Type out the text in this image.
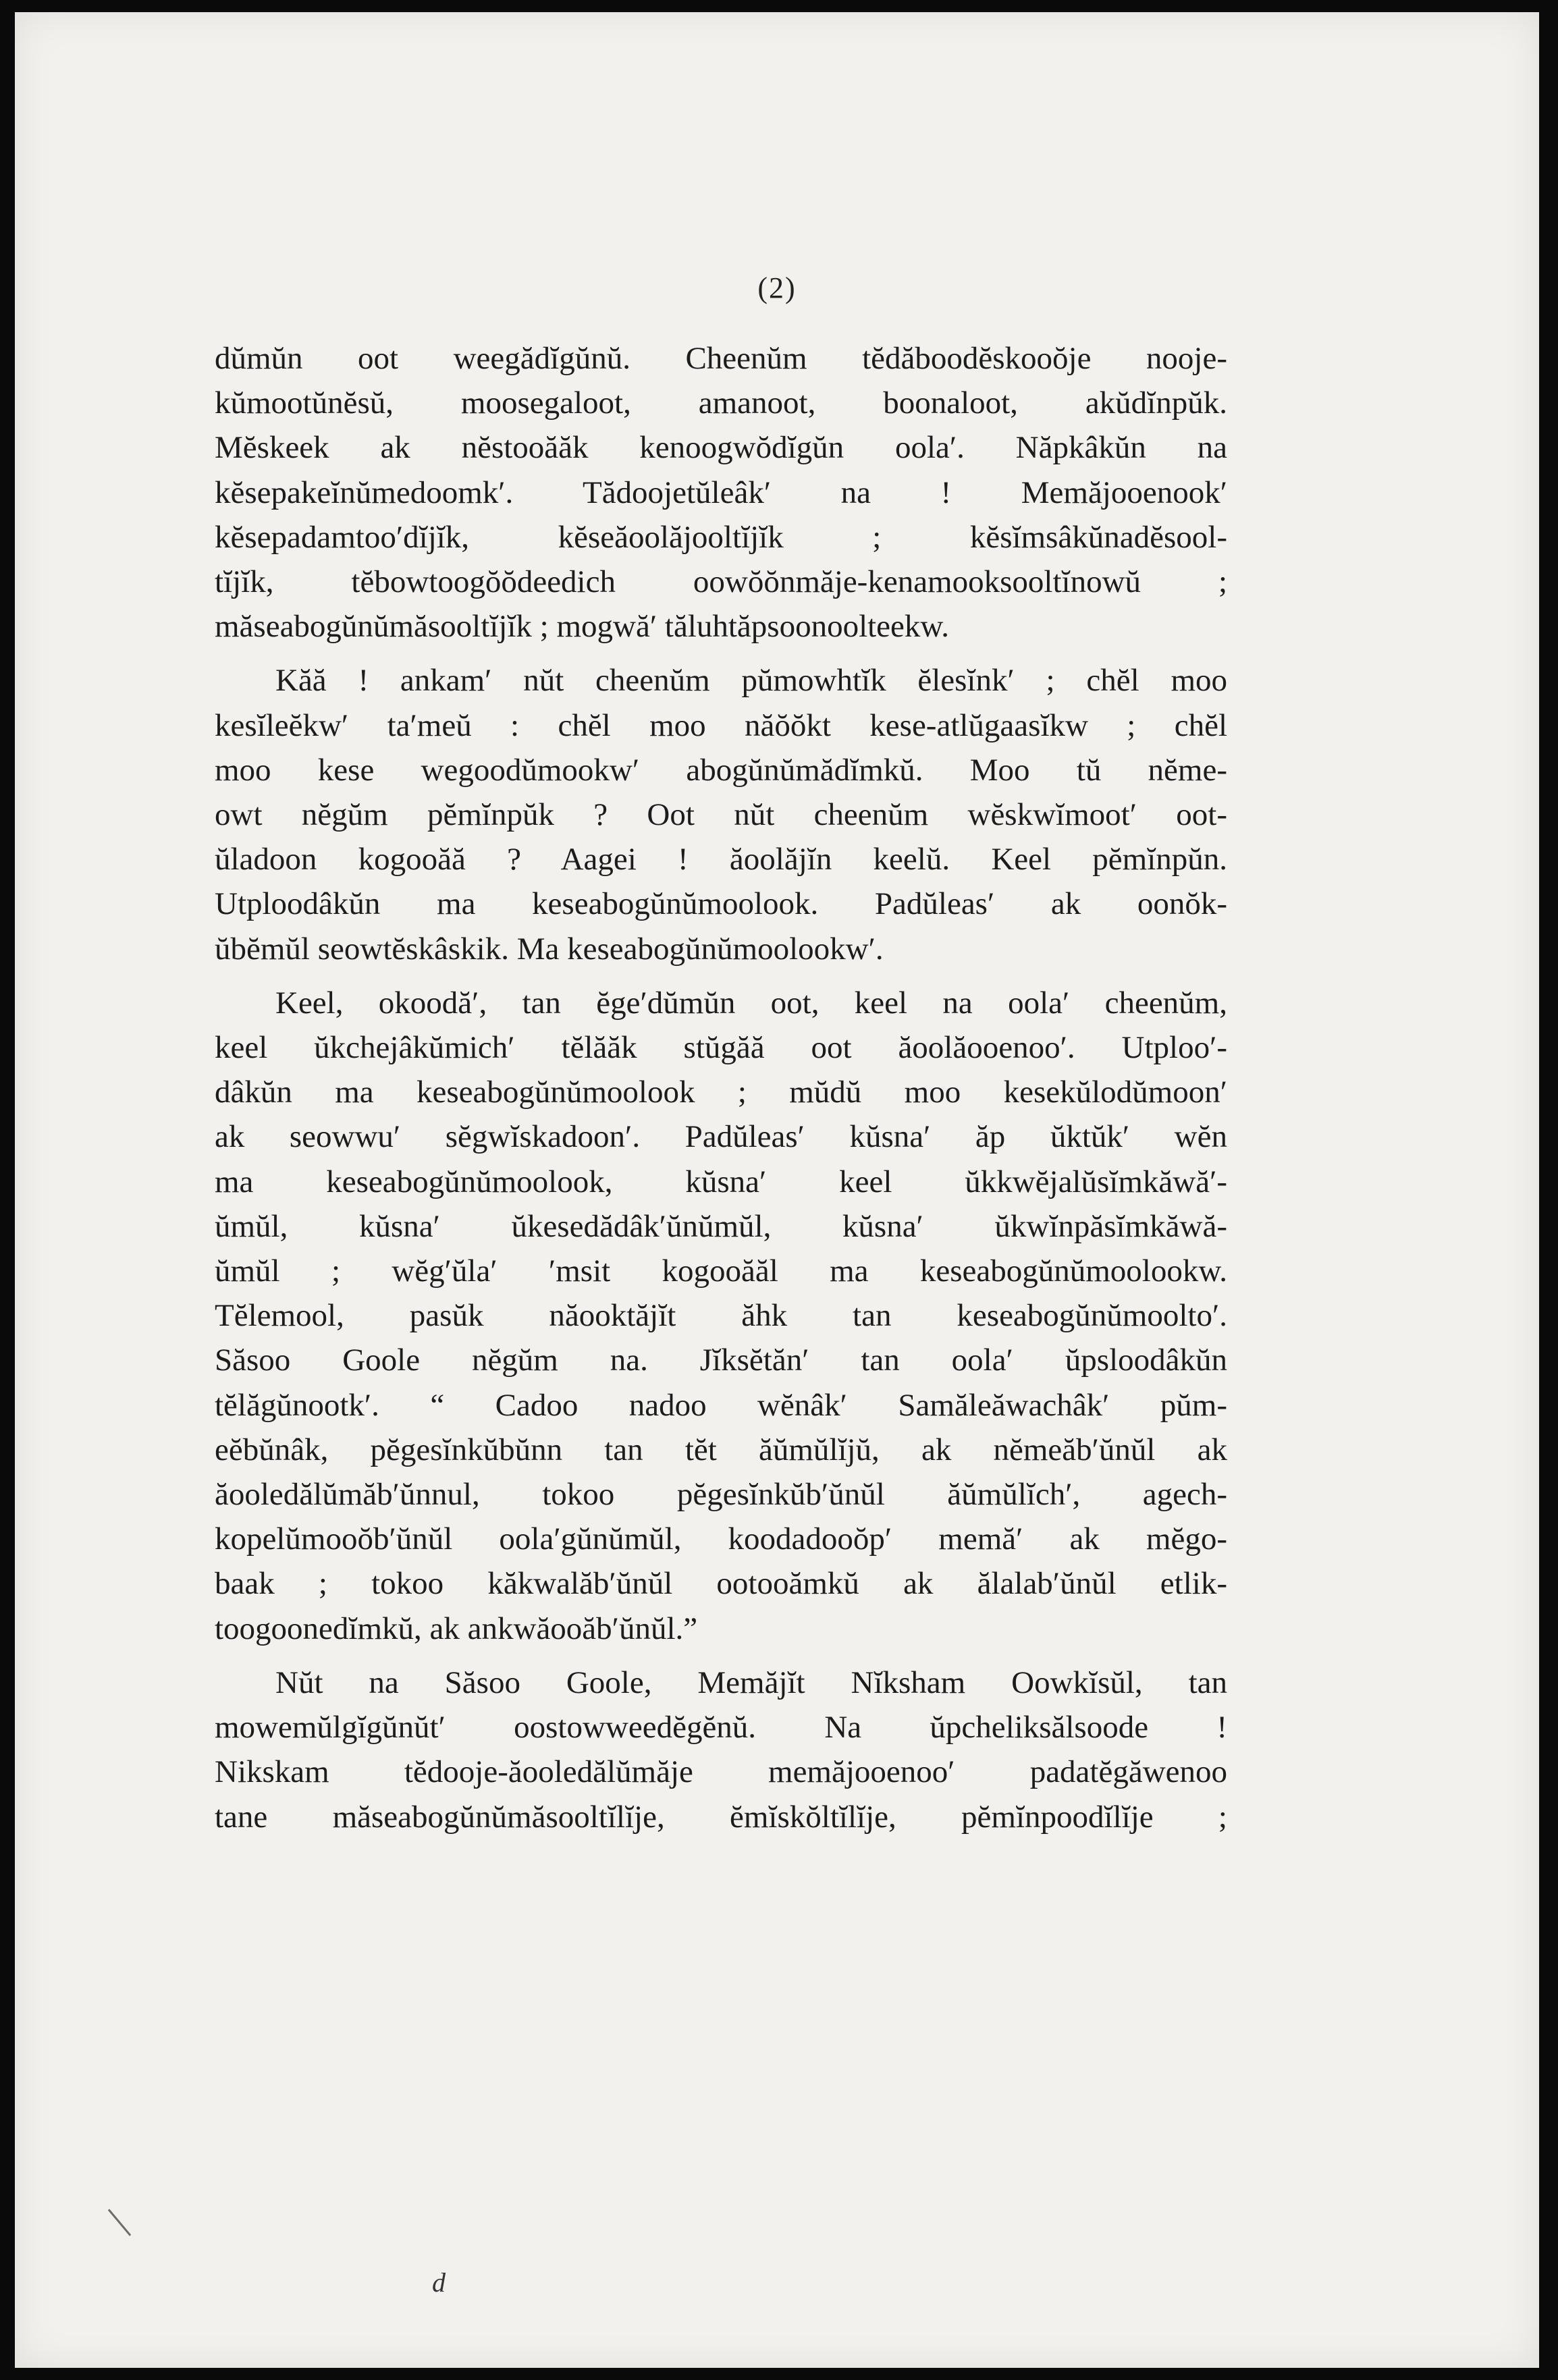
(2)

dŭmŭn oot weegădĭgŭnŭ. Cheenŭm tĕdăboodĕskooŏje nooje-
kŭmootŭnĕsŭ, moosegaloot, amanoot, boonaloot, akŭdĭnpŭk.
Mĕskeek ak nĕstooăăk kenoogwŏdĭgŭn oola′. Năpkâkŭn na
kĕsepakeĭnŭmedoomk′. Tădoojetŭleâk′ na ! Memăjooenook′
kĕsepadamtoo′dĭjĭk, kĕseăoolăjooltĭjĭk ; kĕsĭmsâkŭnadĕsool-
tĭjĭk, tĕbowtoogŏŏdeedich oowŏŏnmăje-kenamooksooltĭnowŭ ;
măseabogŭnŭmăsooltĭjĭk ; mogwă′ tăluhtăpsoonoolteekw.

Kăă ! ankam′ nŭt cheenŭm pŭmowhtĭk ĕlesĭnk′ ; chĕl moo
kesĭleĕkw′ ta′meŭ : chĕl moo năŏŏkt kese-atlŭgaasĭkw ; chĕl
moo kese wegoodŭmookw′ abogŭnŭmădĭmkŭ. Moo tŭ nĕme-
owt nĕgŭm pĕmĭnpŭk ? Oot nŭt cheenŭm wĕskwĭmoot′ oot-
ŭladoon kogooăă ? Aagei ! ăoolăjĭn keelŭ. Keel pĕmĭnpŭn.
Utploodâkŭn ma keseabogŭnŭmoolook. Padŭleas′ ak oonŏk-
ŭbĕmŭl seowtĕskâskik. Ma keseabogŭnŭmoolookw′.

Keel, okoodă′, tan ĕge′dŭmŭn oot, keel na oola′ cheenŭm,
keel ŭkchejâkŭmich′ tĕlăăk stŭgăă oot ăoolăooenoo′. Utploo′-
dâkŭn ma keseabogŭnŭmoolook ; mŭdŭ moo kesekŭlodŭmoon′
ak seowwu′ sĕgwĭskadoon′. Padŭleas′ kŭsna′ ăp ŭktŭk′ wĕn
ma keseabogŭnŭmoolook, kŭsna′ keel ŭkkwĕjalŭsĭmkăwă′-
ŭmŭl, kŭsna′ ŭkesedădâk′ŭnŭmŭl, kŭsna′ ŭkwĭnpăsĭmkăwă-
ŭmŭl ; wĕg′ŭla′ ′msit kogooăăl ma keseabogŭnŭmoolookw.
Tĕlemool, pasŭk năooktăjĭt ăhk tan keseabogŭnŭmoolto′.
Săsoo Goole nĕgŭm na. Jĭksĕtăn′ tan oola′ ŭpsloodâkŭn
tĕlăgŭnootk′. “ Cadoo nadoo wĕnâk′ Samăleăwachâk′ pŭm-
eĕbŭnâk, pĕgesĭnkŭbŭnn tan tĕt ăŭmŭlĭjŭ, ak nĕmeăb′ŭnŭl ak
ăooledălŭmăb′ŭnnul, tokoo pĕgesĭnkŭb′ŭnŭl ăŭmŭlĭch′, agech-
kopelŭmooŏb′ŭnŭl oola′gŭnŭmŭl, koodadooŏp′ memă′ ak mĕgo-
baak ; tokoo kăkwalăb′ŭnŭl ootooămkŭ ak ălalab′ŭnŭl etlik-
toogoonedĭmkŭ, ak ankwăooăb′ŭnŭl.”

Nŭt na Săsoo Goole, Memăjĭt Nĭksham Oowkĭsŭl, tan
mowemŭlgĭgŭnŭt′ oostowweedĕgĕnŭ. Na ŭpcheliksălsoode !
Nikskam tĕdooje-ăooledălŭmăje memăjooenoo′ padatĕgăwenoo
tane măseabogŭnŭmăsooltĭlĭje, ĕmĭskŏltĭlĭje, pĕmĭnpoodĭlĭje ;

d
